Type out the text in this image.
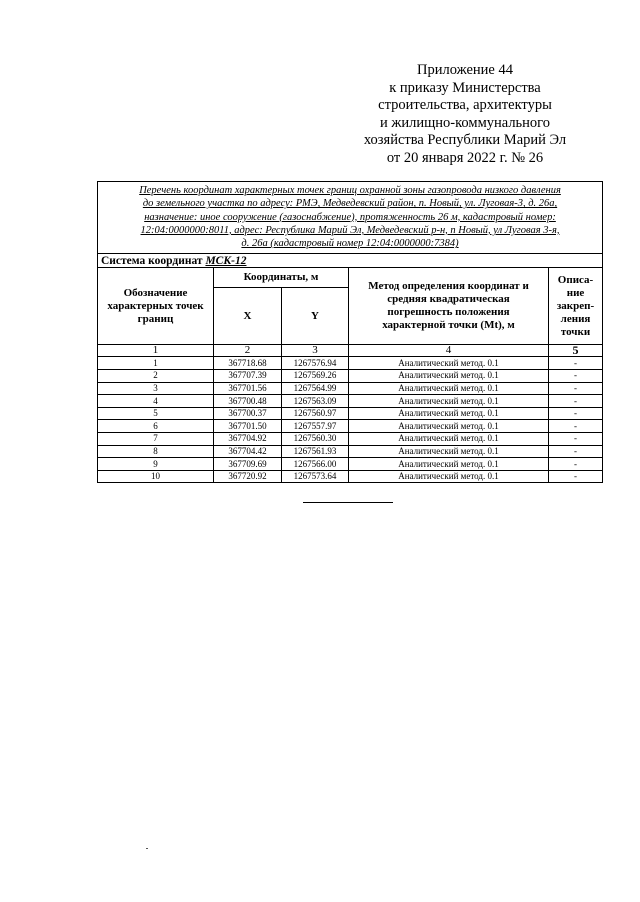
Приложение 44
к приказу Министерства
строительства, архитектуры
и жилищно-коммунального
хозяйства Республики Марий Эл
от 20 января 2022 г. № 26
Перечень координат характерных точек границ охранной зоны газопровода низкого давления
до земельного участка по адресу: РМЭ, Медведевский район, п. Новый, ул. Луговая-3, д. 26а,
назначение: иное сооружение (газоснабжение), протяженность 26 м, кадастровый номер:
12:04:0000000:8011, адрес: Республика Марий Эл, Медведевский р-н, п Новый, ул Луговая 3-я,
д. 26а (кадастровый номер 12:04:0000000:7384)				

Система координат МСК-12				

Обозначение характерных точек границ	Координаты, м		Метод определения координат и средняя квадратическая погрешность положения характерной точки (Mt), м	Описа-
ние
закреп-
ления
точки

	X	Y		
1	2	3	4	5
1	367718.68	1267576.94	Аналитический метод. 0.1	-
2	367707.39	1267569.26	Аналитический метод. 0.1	-
3	367701.56	1267564.99	Аналитический метод. 0.1	-
4	367700.48	1267563.09	Аналитический метод. 0.1	-
5	367700.37	1267560.97	Аналитический метод. 0.1	-
6	367701.50	1267557.97	Аналитический метод. 0.1	-
7	367704.92	1267560.30	Аналитический метод. 0.1	-
8	367704.42	1267561.93	Аналитический метод. 0.1	-
9	367709.69	1267566.00	Аналитический метод. 0.1	-
10	367720.92	1267573.64	Аналитический метод. 0.1	-
